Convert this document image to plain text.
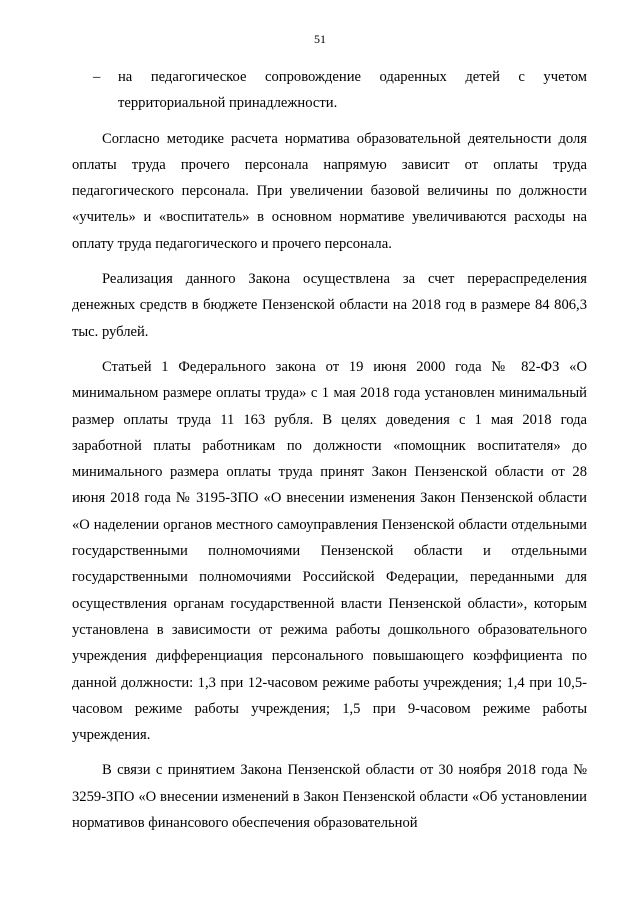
51

– на педагогическое сопровождение одаренных детей с учетом территориальной принадлежности.

Согласно методике расчета норматива образовательной деятельности доля оплаты труда прочего персонала напрямую зависит от оплаты труда педагогического персонала. При увеличении базовой величины по должности «учитель» и «воспитатель» в основном нормативе увеличиваются расходы на оплату труда педагогического и прочего персонала.

Реализация данного Закона осуществлена за счет перераспределения денежных средств в бюджете Пензенской области на 2018 год в размере 84 806,3 тыс. рублей.

Статьей 1 Федерального закона от 19 июня 2000 года № 82-ФЗ «О минимальном размере оплаты труда» с 1 мая 2018 года установлен минимальный размер оплаты труда 11 163 рубля. В целях доведения с 1 мая 2018 года заработной платы работникам по должности «помощник воспитателя» до минимального размера оплаты труда принят Закон Пензенской области от 28 июня 2018 года № 3195-ЗПО «О внесении изменения Закон Пензенской области «О наделении органов местного самоуправления Пензенской области отдельными государственными полномочиями Пензенской области и отдельными государственными полномочиями Российской Федерации, переданными для осуществления органам государственной власти Пензенской области», которым установлена в зависимости от режима работы дошкольного образовательного учреждения дифференциация персонального повышающего коэффициента по данной должности: 1,3 при 12-часовом режиме работы учреждения; 1,4 при 10,5-часовом режиме работы учреждения; 1,5 при 9-часовом режиме работы учреждения.

В связи с принятием Закона Пензенской области от 30 ноября 2018 года № 3259-ЗПО «О внесении изменений в Закон Пензенской области «Об установлении нормативов финансового обеспечения образовательной
